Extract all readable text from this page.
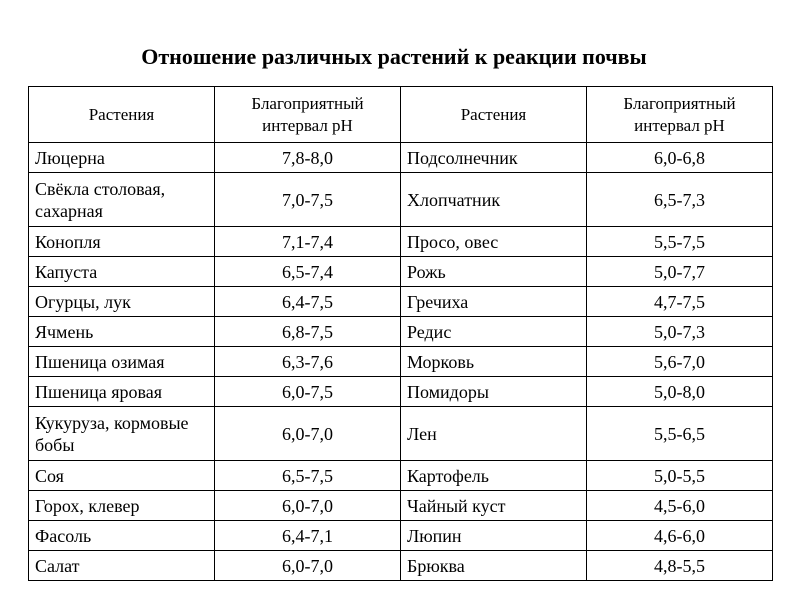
Отношение различных растений к реакции почвы
Растения	Благоприятный интервал pH	Растения	Благоприятный интервал pH
Люцерна	7,8-8,0	Подсолнечник	6,0-6,8
Свёкла столовая, сахарная	7,0-7,5	Хлопчатник	6,5-7,3
Конопля	7,1-7,4	Просо, овес	5,5-7,5
Капуста	6,5-7,4	Рожь	5,0-7,7
Огурцы, лук	6,4-7,5	Гречиха	4,7-7,5
Ячмень	6,8-7,5	Редис	5,0-7,3
Пшеница озимая	6,3-7,6	Морковь	5,6-7,0
Пшеница яровая	6,0-7,5	Помидоры	5,0-8,0
Кукуруза, кормовые бобы	6,0-7,0	Лен	5,5-6,5
Соя	6,5-7,5	Картофель	5,0-5,5
Горох, клевер	6,0-7,0	Чайный куст	4,5-6,0
Фасоль	6,4-7,1	Люпин	4,6-6,0
Салат	6,0-7,0	Брюква	4,8-5,5
